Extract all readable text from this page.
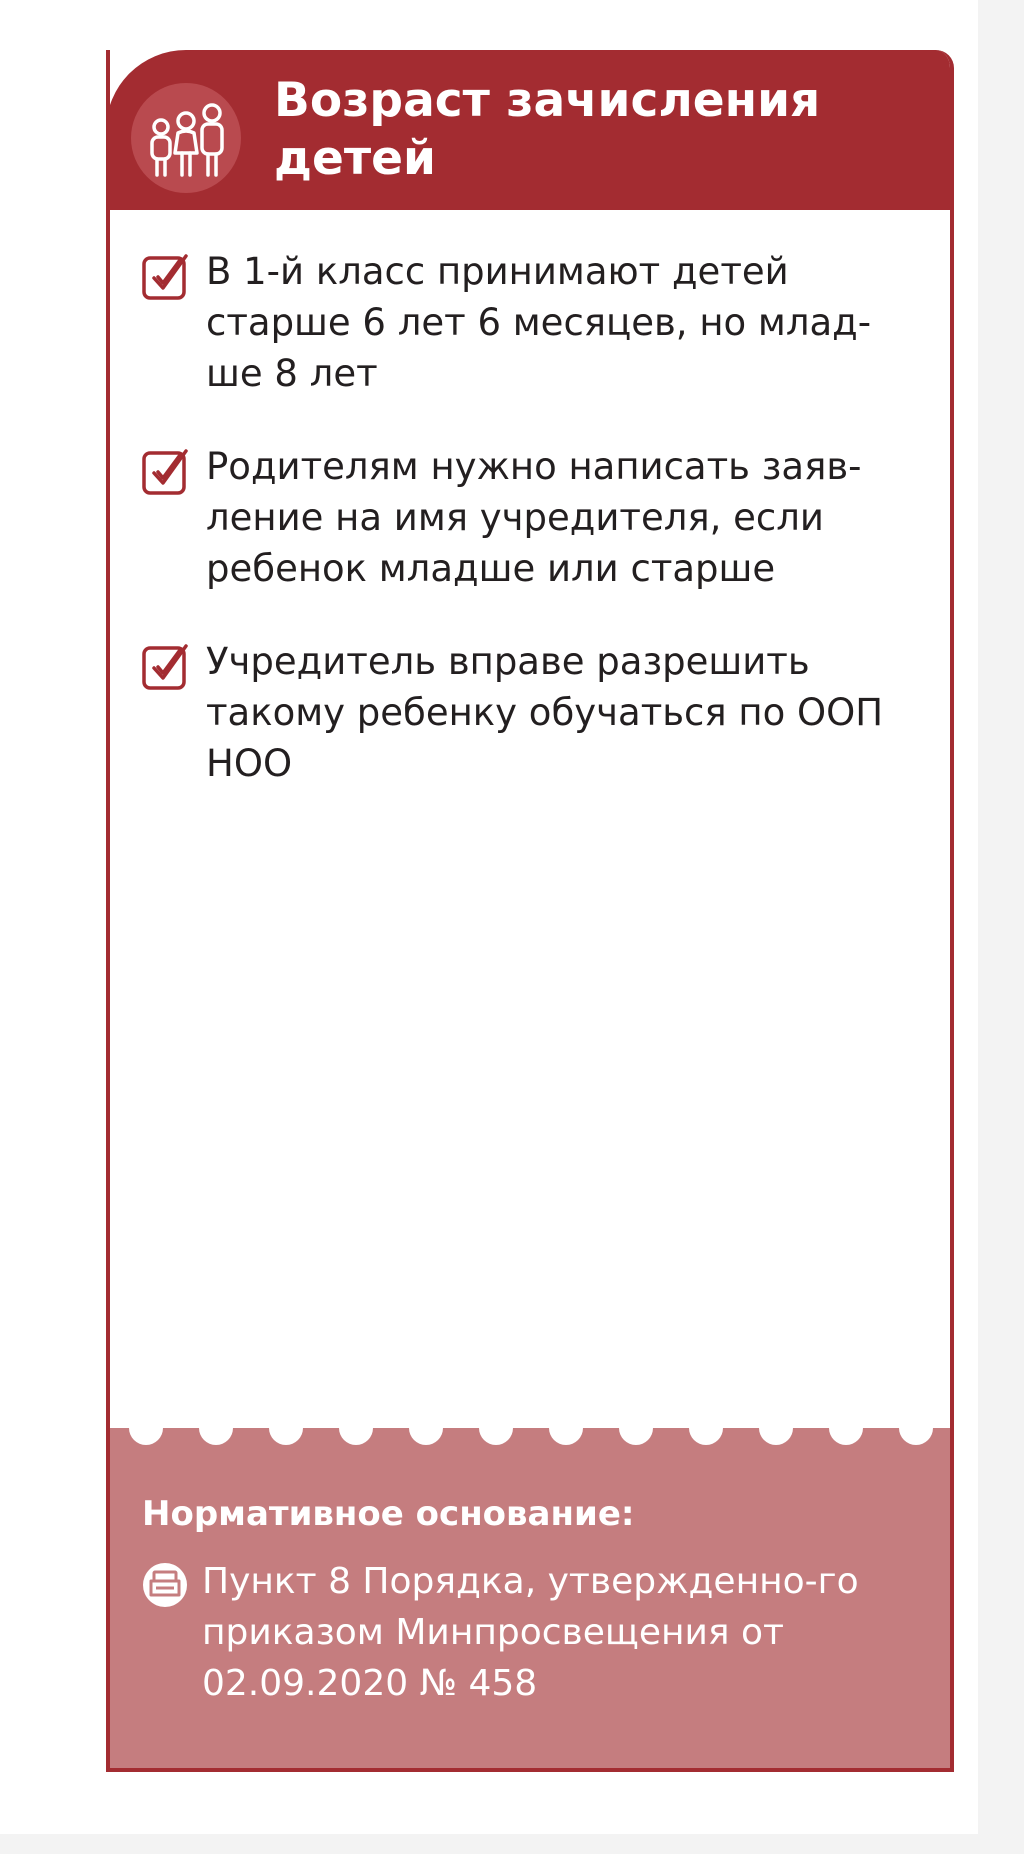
Возраст зачисления детей

В 1-й класс принимают детей старше 6 лет 6 месяцев, но млад-ше 8 лет

Родителям нужно написать заяв-ление на имя учредителя, если ребенок младше или старше

Учредитель вправе разрешить такому ребенку обучаться по ООП НОО

Нормативное основание:

Пункт 8 Порядка, утвержденно-го приказом Минпросвещения от 02.09.2020 № 458
